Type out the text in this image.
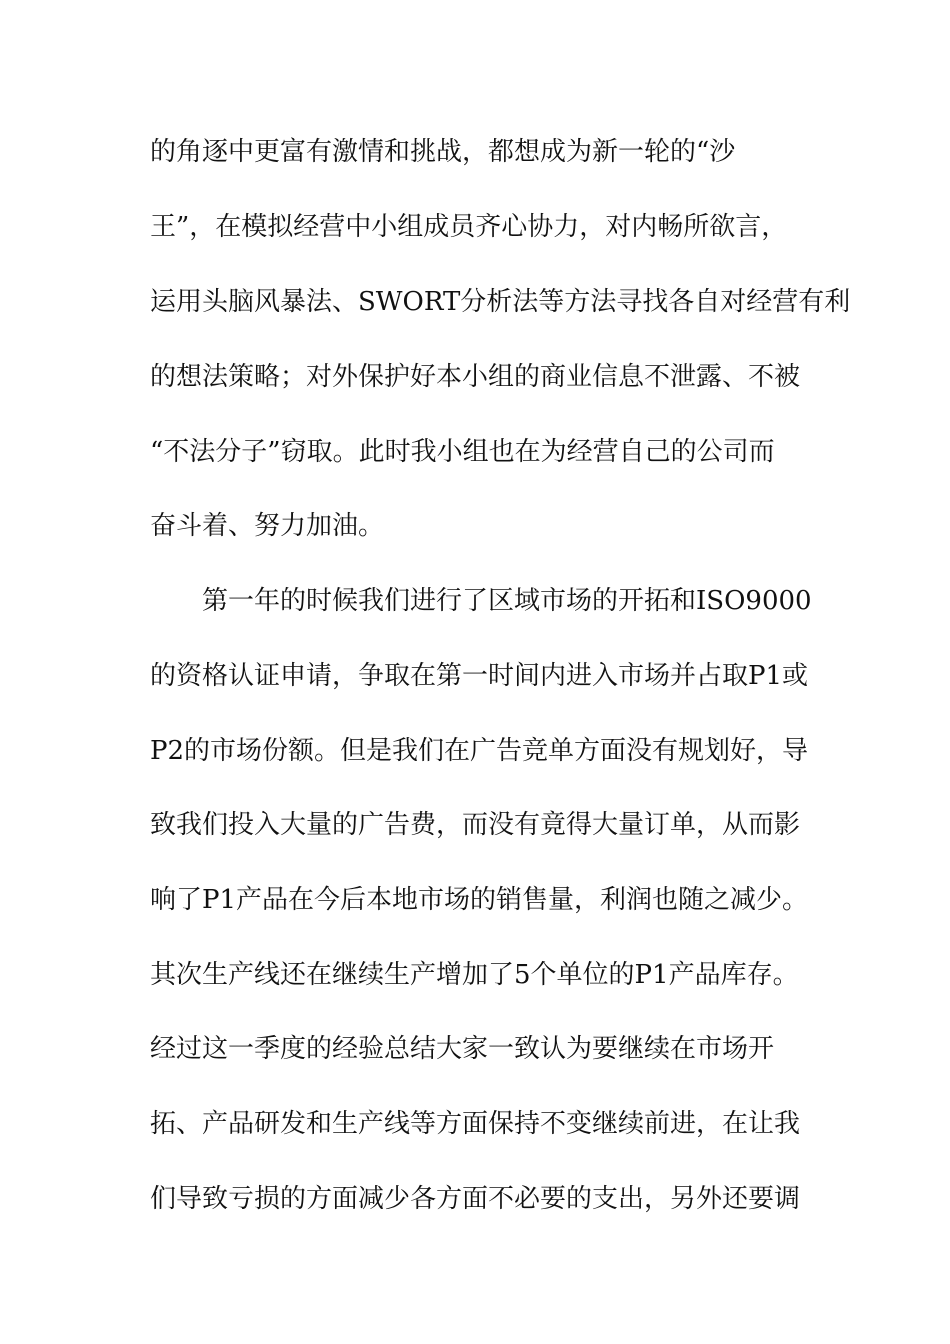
的角逐中更富有激情和挑战，都想成为新一轮的“沙
王”，在模拟经营中小组成员齐心协力，对内畅所欲言，
运用头脑风暴法、SWORT分析法等方法寻找各自对经营有利
的想法策略；对外保护好本小组的商业信息不泄露、不被
“不法分子”窃取。此时我小组也在为经营自己的公司而
奋斗着、努力加油。
第一年的时候我们进行了区域市场的开拓和ISO9000
的资格认证申请，争取在第一时间内进入市场并占取P1或
P2的市场份额。但是我们在广告竞单方面没有规划好，导
致我们投入大量的广告费，而没有竟得大量订单，从而影
响了P1产品在今后本地市场的销售量，利润也随之减少。
其次生产线还在继续生产增加了5个单位的P1产品库存。
经过这一季度的经验总结大家一致认为要继续在市场开
拓、产品研发和生产线等方面保持不变继续前进，在让我
们导致亏损的方面减少各方面不必要的支出，另外还要调
